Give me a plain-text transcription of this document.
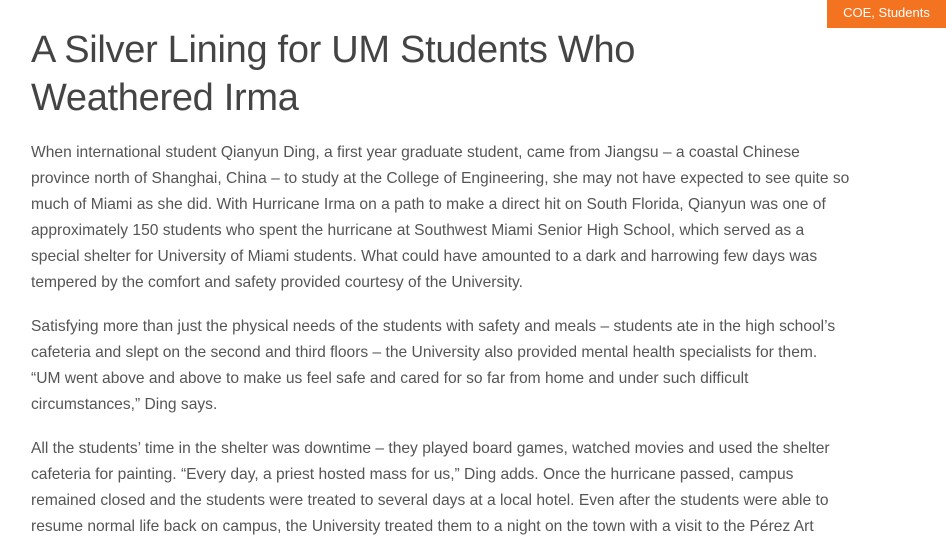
COE, Students
A Silver Lining for UM Students Who
Weathered Irma

When international student Qianyun Ding, a first year graduate student, came from Jiangsu – a coastal Chinese
province north of Shanghai, China – to study at the College of Engineering, she may not have expected to see quite so
much of Miami as she did. With Hurricane Irma on a path to make a direct hit on South Florida, Qianyun was one of
approximately 150 students who spent the hurricane at Southwest Miami Senior High School, which served as a
special shelter for University of Miami students. What could have amounted to a dark and harrowing few days was
tempered by the comfort and safety provided courtesy of the University.

Satisfying more than just the physical needs of the students with safety and meals – students ate in the high school’s
cafeteria and slept on the second and third floors – the University also provided mental health specialists for them.
“UM went above and above to make us feel safe and cared for so far from home and under such difficult
circumstances,” Ding says.

All the students’ time in the shelter was downtime – they played board games, watched movies and used the shelter
cafeteria for painting. “Every day, a priest hosted mass for us,” Ding adds. Once the hurricane passed, campus
remained closed and the students were treated to several days at a local hotel. Even after the students were able to
resume normal life back on campus, the University treated them to a night on the town with a visit to the Pérez Art
